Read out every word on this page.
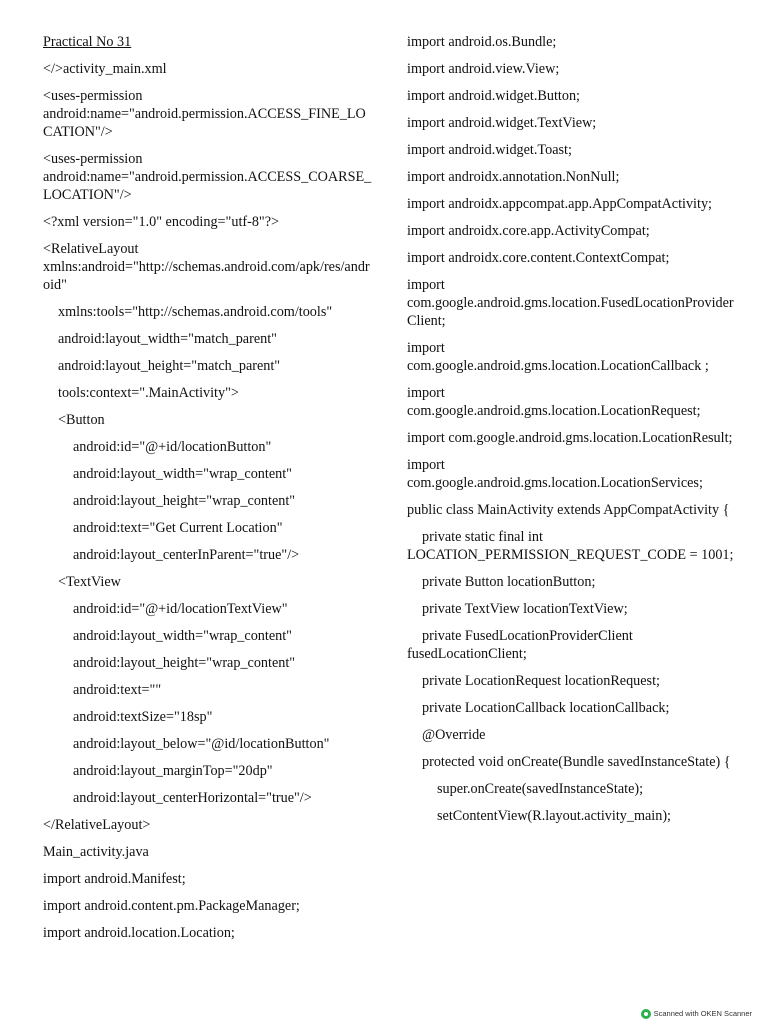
Practical No 31

</>activity_main.xml

<uses-permission android:name="android.permission.ACCESS_FINE_LOCATION"/>

<uses-permission android:name="android.permission.ACCESS_COARSE_LOCATION"/>

<?xml version="1.0" encoding="utf-8"?>

<RelativeLayout xmlns:android="http://schemas.android.com/apk/res/android"

xmlns:tools="http://schemas.android.com/tools"

android:layout_width="match_parent"

android:layout_height="match_parent"

tools:context=".MainActivity">

<Button

android:id="@+id/locationButton"

android:layout_width="wrap_content"

android:layout_height="wrap_content"

android:text="Get Current Location"

android:layout_centerInParent="true"/>

<TextView

android:id="@+id/locationTextView"

android:layout_width="wrap_content"

android:layout_height="wrap_content"

android:text=""

android:textSize="18sp"

android:layout_below="@id/locationButton"

android:layout_marginTop="20dp"

android:layout_centerHorizontal="true"/>

</RelativeLayout>

Main_activity.java

import android.Manifest;

import android.content.pm.PackageManager;

import android.location.Location;

import android.os.Bundle;

import android.view.View;

import android.widget.Button;

import android.widget.TextView;

import android.widget.Toast;

import androidx.annotation.NonNull;

import androidx.appcompat.app.AppCompatActivity;

import androidx.core.app.ActivityCompat;

import androidx.core.content.ContextCompat;

import com.google.android.gms.location.FusedLocationProviderClient;

import com.google.android.gms.location.LocationCallback ;

import com.google.android.gms.location.LocationRequest;

import com.google.android.gms.location.LocationResult;

import com.google.android.gms.location.LocationServices;

public class MainActivity extends AppCompatActivity {

private static final int LOCATION_PERMISSION_REQUEST_CODE = 1001;

private Button locationButton;

private TextView locationTextView;

private FusedLocationProviderClient fusedLocationClient;

private LocationRequest locationRequest;

private LocationCallback locationCallback;

@Override

protected void onCreate(Bundle savedInstanceState) {

super.onCreate(savedInstanceState);

setContentView(R.layout.activity_main);

Scanned with OKEN Scanner
